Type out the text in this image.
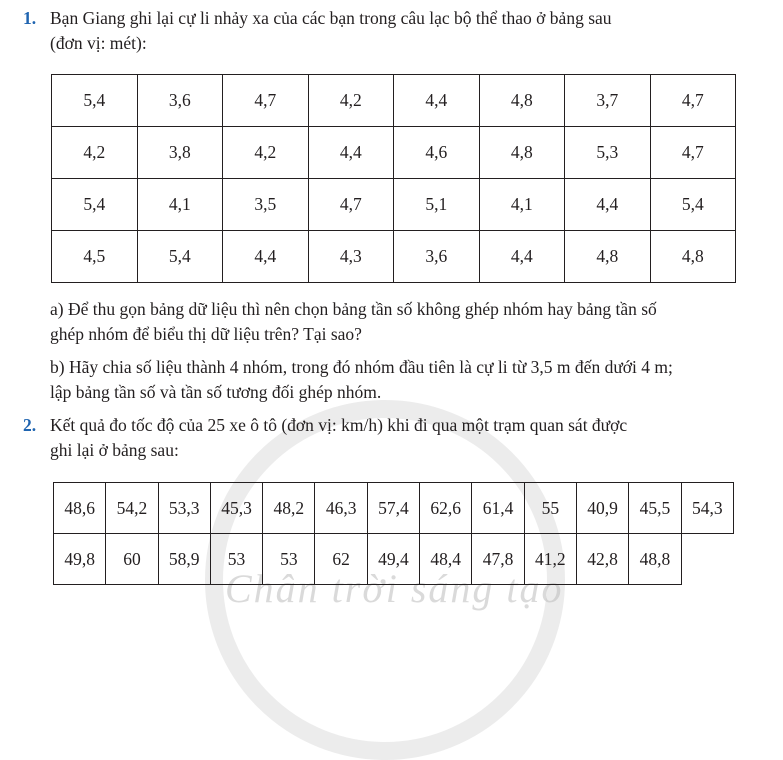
Chân trời sáng tạo
1. Bạn Giang ghi lại cự li nhảy xa của các bạn trong câu lạc bộ thể thao ở bảng sau
(đơn vị: mét):
5,4	3,6	4,7	4,2	4,4	4,8	3,7	4,7
4,2	3,8	4,2	4,4	4,6	4,8	5,3	4,7
5,4	4,1	3,5	4,7	5,1	4,1	4,4	5,4
4,5	5,4	4,4	4,3	3,6	4,4	4,8	4,8
a) Để thu gọn bảng dữ liệu thì nên chọn bảng tần số không ghép nhóm hay bảng tần số
ghép nhóm để biểu thị dữ liệu trên? Tại sao?
b) Hãy chia số liệu thành 4 nhóm, trong đó nhóm đầu tiên là cự li từ 3,5 m đến dưới 4 m;
lập bảng tần số và tần số tương đối ghép nhóm.
2. Kết quả đo tốc độ của 25 xe ô tô (đơn vị: km/h) khi đi qua một trạm quan sát được
ghi lại ở bảng sau:
48,6	54,2	53,3	45,3	48,2	46,3	57,4	62,6	61,4	55	40,9	45,5	54,3
49,8	60	58,9	53	53	62	49,4	48,4	47,8	41,2	42,8	48,8	
